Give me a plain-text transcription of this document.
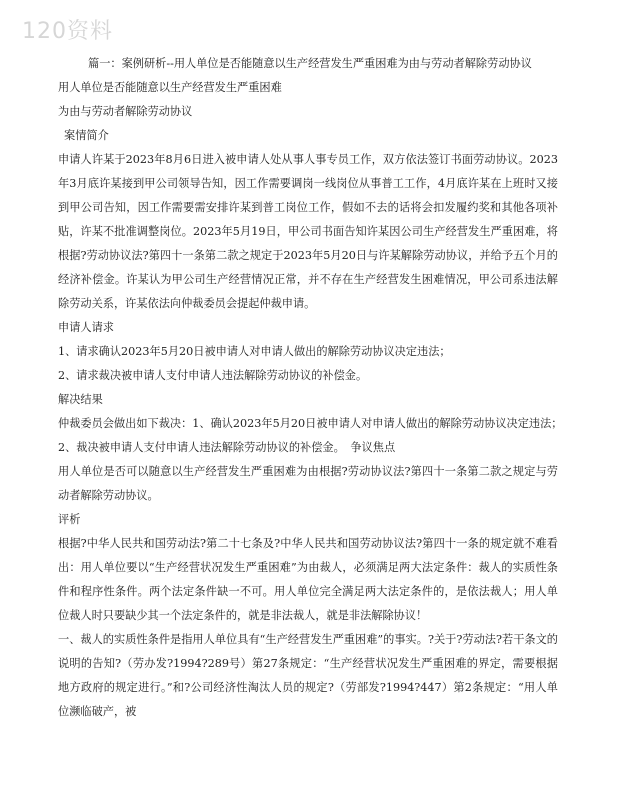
120资料
篇一：案例研析--用人单位是否能随意以生产经营发生严重困难为由与劳动者解除劳动协议
用人单位是否能随意以生产经营发生严重困难
为由与劳动者解除劳动协议
案情简介

申请人许某于2023年8月6日进入被申请人处从事人事专员工作，双方依法签订书面劳动协议。2023年3月底许某接到甲公司领导告知，因工作需要调岗一线岗位从事普工工作，4月底许某在上班时又接到甲公司告知，因工作需要需安排许某到普工岗位工作，假如不去的话将会扣发履约奖和其他各项补贴，许某不批准调整岗位。2023年5月19日，甲公司书面告知许某因公司生产经营发生严重困难，将根据?劳动协议法?第四十一条第二款之规定于2023年5月20日与许某解除劳动协议，并给予五个月的经济补偿金。许某认为甲公司生产经营情况正常，并不存在生产经营发生困难情况，甲公司系违法解除劳动关系，许某依法向仲裁委员会提起仲裁申请。

申请人请求
1、请求确认2023年5月20日被申请人对申请人做出的解除劳动协议决定违法；
2、请求裁决被申请人支付申请人违法解除劳动协议的补偿金。
解决结果
仲裁委员会做出如下裁决：1、确认2023年5月20日被申请人对申请人做出的解除劳动协议决定违法；
2、裁决被申请人支付申请人违法解除劳动协议的补偿金。　争议焦点

用人单位是否可以随意以生产经营发生严重困难为由根据?劳动协议法?第四十一条第二款之规定与劳动者解除劳动协议。

评析

根据?中华人民共和国劳动法?第二十七条及?中华人民共和国劳动协议法?第四十一条的规定就不难看出：用人单位要以“生产经营状况发生严重困难”为由裁人，必须满足两大法定条件：裁人的实质性条件和程序性条件。两个法定条件缺一不可。用人单位完全满足两大法定条件的，是依法裁人；用人单位裁人时只要缺少其一个法定条件的，就是非法裁人，就是非法解除协议！

一、裁人的实质性条件是指用人单位具有“生产经营发生严重困难”的事实。?关于?劳动法?若干条文的说明的告知?（劳办发?1994?289号）第27条规定：“生产经营状况发生严重困难的界定，需要根据地方政府的规定进行。”和?公司经济性淘汰人员的规定?（劳部发?1994?447）第2条规定：“用人单位濒临破产，被
